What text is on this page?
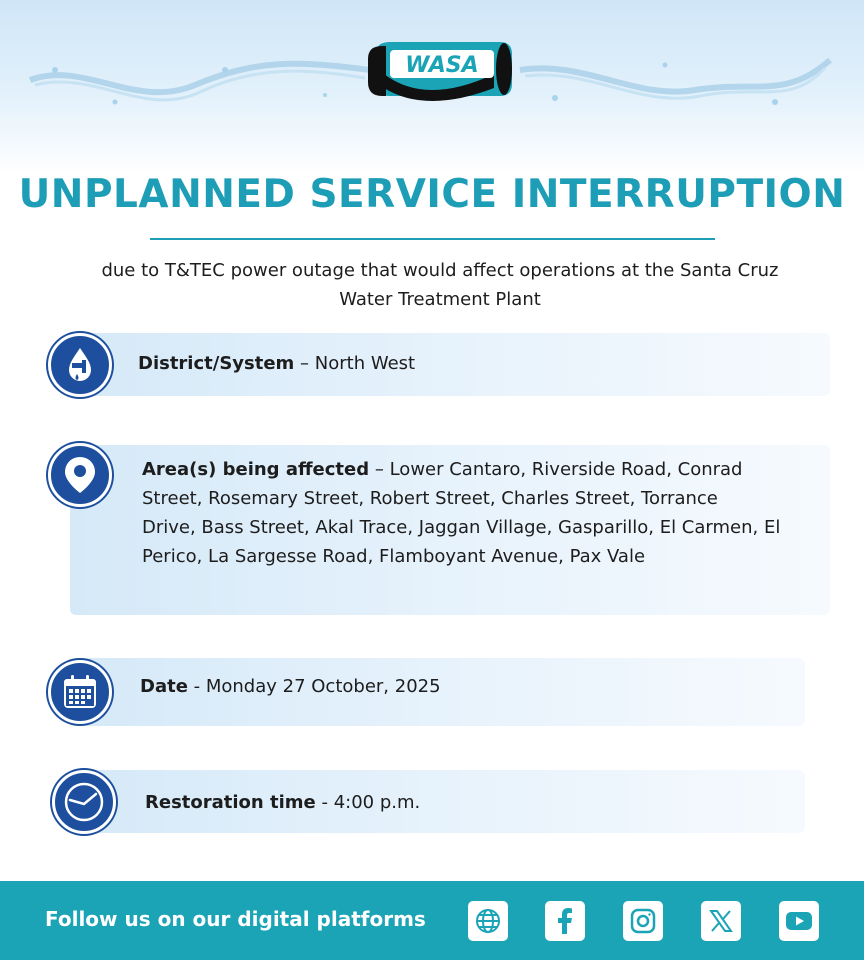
WASA
UNPLANNED SERVICE INTERRUPTION
due to T&TEC power outage that would affect operations at the Santa Cruz
Water Treatment Plant
District/System – North West
Area(s) being affected – Lower Cantaro, Riverside Road, Conrad
Street, Rosemary Street, Robert Street, Charles Street, Torrance
Drive, Bass Street, Akal Trace, Jaggan Village, Gasparillo, El Carmen, El
Perico, La Sargesse Road, Flamboyant Avenue, Pax Vale
Date - Monday 27 October, 2025
Restoration time - 4:00 p.m.
Follow us on our digital platforms
